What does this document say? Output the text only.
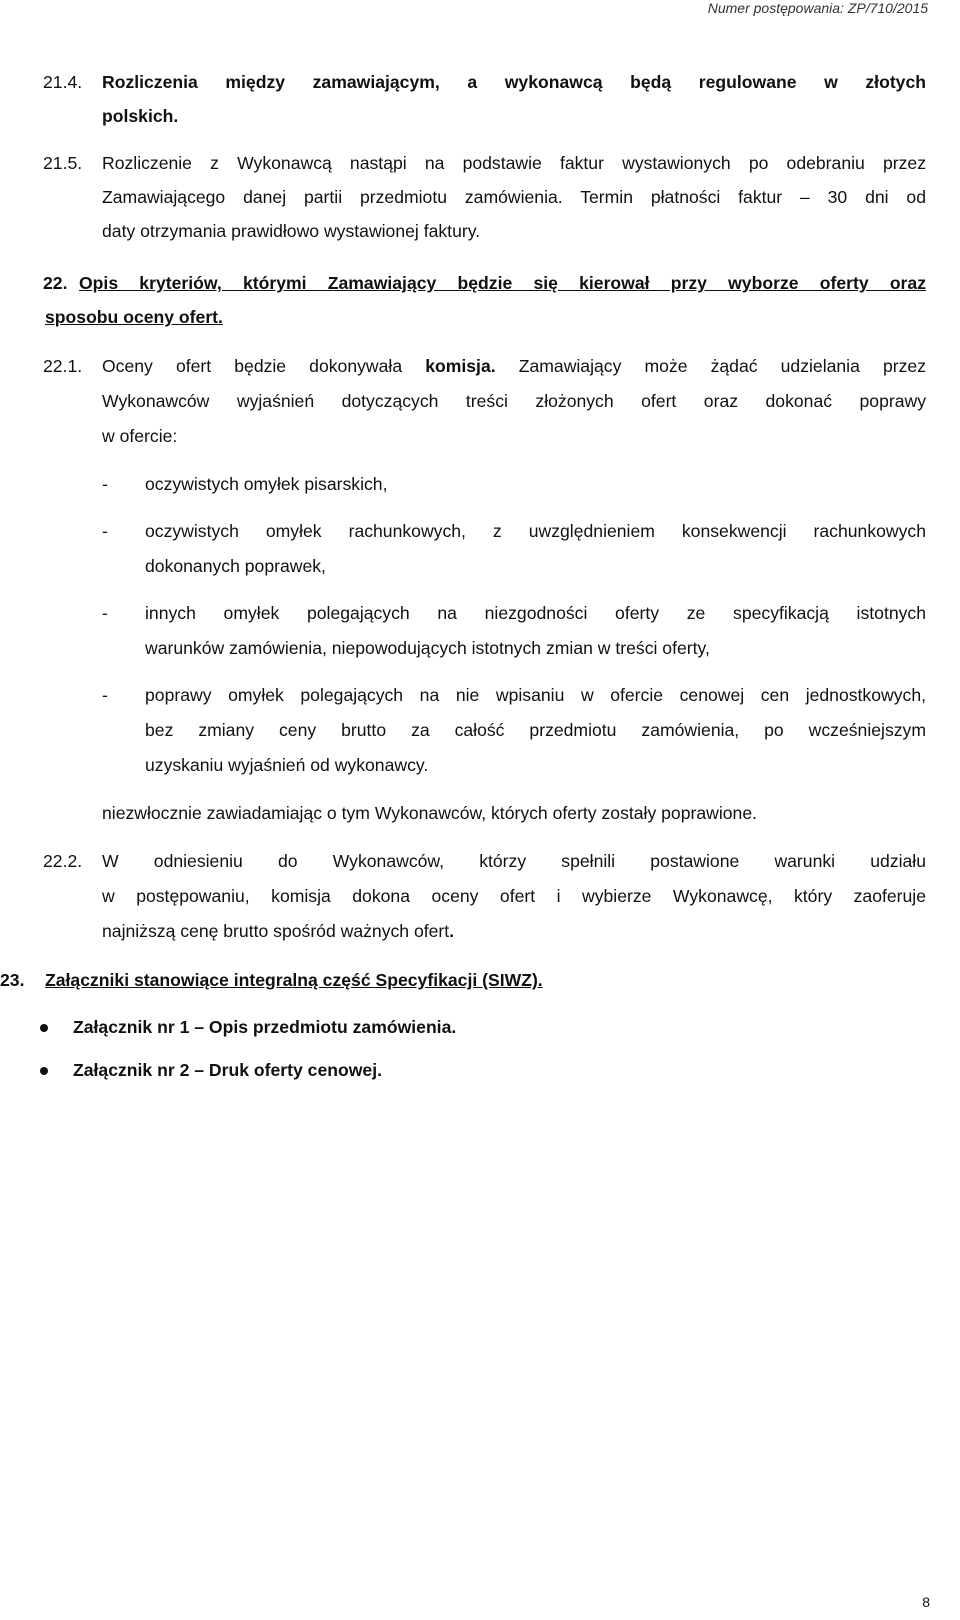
Numer postępowania: ZP/710/2015
21.4. Rozliczenia między zamawiającym, a wykonawcą będą regulowane w złotych
polskich.
21.5. Rozliczenie z Wykonawcą nastąpi na podstawie faktur wystawionych po odebraniu przez
Zamawiającego danej partii przedmiotu zamówienia. Termin płatności faktur – 30 dni od
daty otrzymania prawidłowo wystawionej faktury.
22. Opis kryteriów, którymi Zamawiający będzie się kierował przy wyborze oferty oraz
sposobu oceny ofert.
22.1. Oceny ofert będzie dokonywała komisja. Zamawiający może żądać udzielania przez
Wykonawców wyjaśnień dotyczących treści złożonych ofert oraz dokonać poprawy
w ofercie:
- oczywistych omyłek pisarskich,
- oczywistych omyłek rachunkowych, z uwzględnieniem konsekwencji rachunkowych
dokonanych poprawek,
- innych omyłek polegających na niezgodności oferty ze specyfikacją istotnych
warunków zamówienia, niepowodujących istotnych zmian w treści oferty,
- poprawy omyłek polegających na nie wpisaniu w ofercie cenowej cen jednostkowych,
bez zmiany ceny brutto za całość przedmiotu zamówienia, po wcześniejszym
uzyskaniu wyjaśnień od wykonawcy.
niezwłocznie zawiadamiając o tym Wykonawców, których oferty zostały poprawione.
22.2. W odniesieniu do Wykonawców, którzy spełnili postawione warunki udziału
w postępowaniu, komisja dokona oceny ofert i wybierze Wykonawcę, który zaoferuje
najniższą cenę brutto spośród ważnych ofert.
23. Załączniki stanowiące integralną część Specyfikacji (SIWZ).
Załącznik nr 1 – Opis przedmiotu zamówienia.
Załącznik nr 2 – Druk oferty cenowej.
8
